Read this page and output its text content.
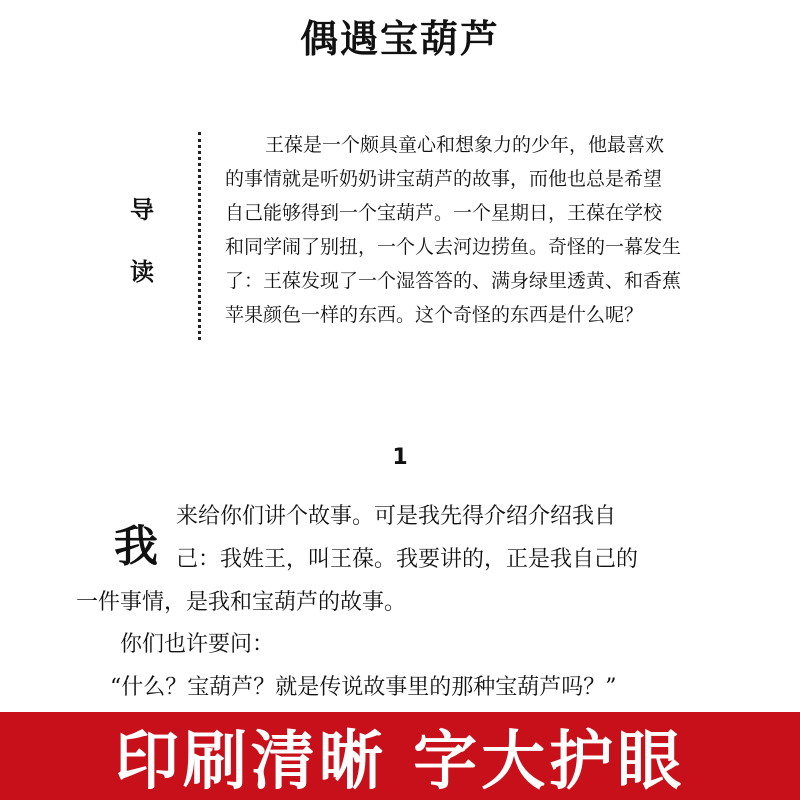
偶遇宝葫芦
导
读
王葆是一个颇具童心和想象力的少年，他最喜欢
的事情就是听奶奶讲宝葫芦的故事，而他也总是希望
自己能够得到一个宝葫芦。一个星期日，王葆在学校
和同学闹了别扭，一个人去河边捞鱼。奇怪的一幕发生
了：王葆发现了一个湿答答的、满身绿里透黄、和香蕉
苹果颜色一样的东西。这个奇怪的东西是什么呢？
1
我
来给你们讲个故事。可是我先得介绍介绍我自
己：我姓王，叫王葆。我要讲的，正是我自己的
一件事情，是我和宝葫芦的故事。
你们也许要问：
“什么？宝葫芦？就是传说故事里的那种宝葫芦吗？”
印刷清晰 字大护眼
